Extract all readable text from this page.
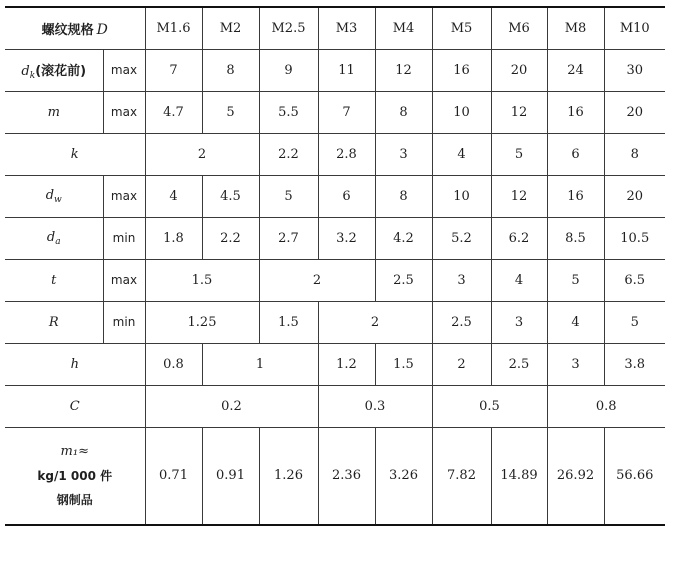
螺纹规格 D		M1.6	M2	M2.5	M3	M4	M5	M6	M8	M10
$d_k$(滚花前)	max	7	8	9	11	12	16	20	24	30
m	max	4.7	5	5.5	7	8	10	12	16	20
k		2		2.2	2.8	3	4	5	6	8
$d_w$	max	4	4.5	5	6	8	10	12	16	20
$d_a$	min	1.8	2.2	2.7	3.2	4.2	5.2	6.2	8.5	10.5
t	max	1.5		2		2.5	3	4	5	6.5
R	min	1.25		1.5	2		2.5	3	4	5
h		0.8	1		1.2	1.5	2	2.5	3	3.8
C		0.2			0.3		0.5		0.8	

m₁≈
kg/1 000 件
钢制品		0.71	0.91	1.26	2.36	3.26	7.82	14.89	26.92	56.66
